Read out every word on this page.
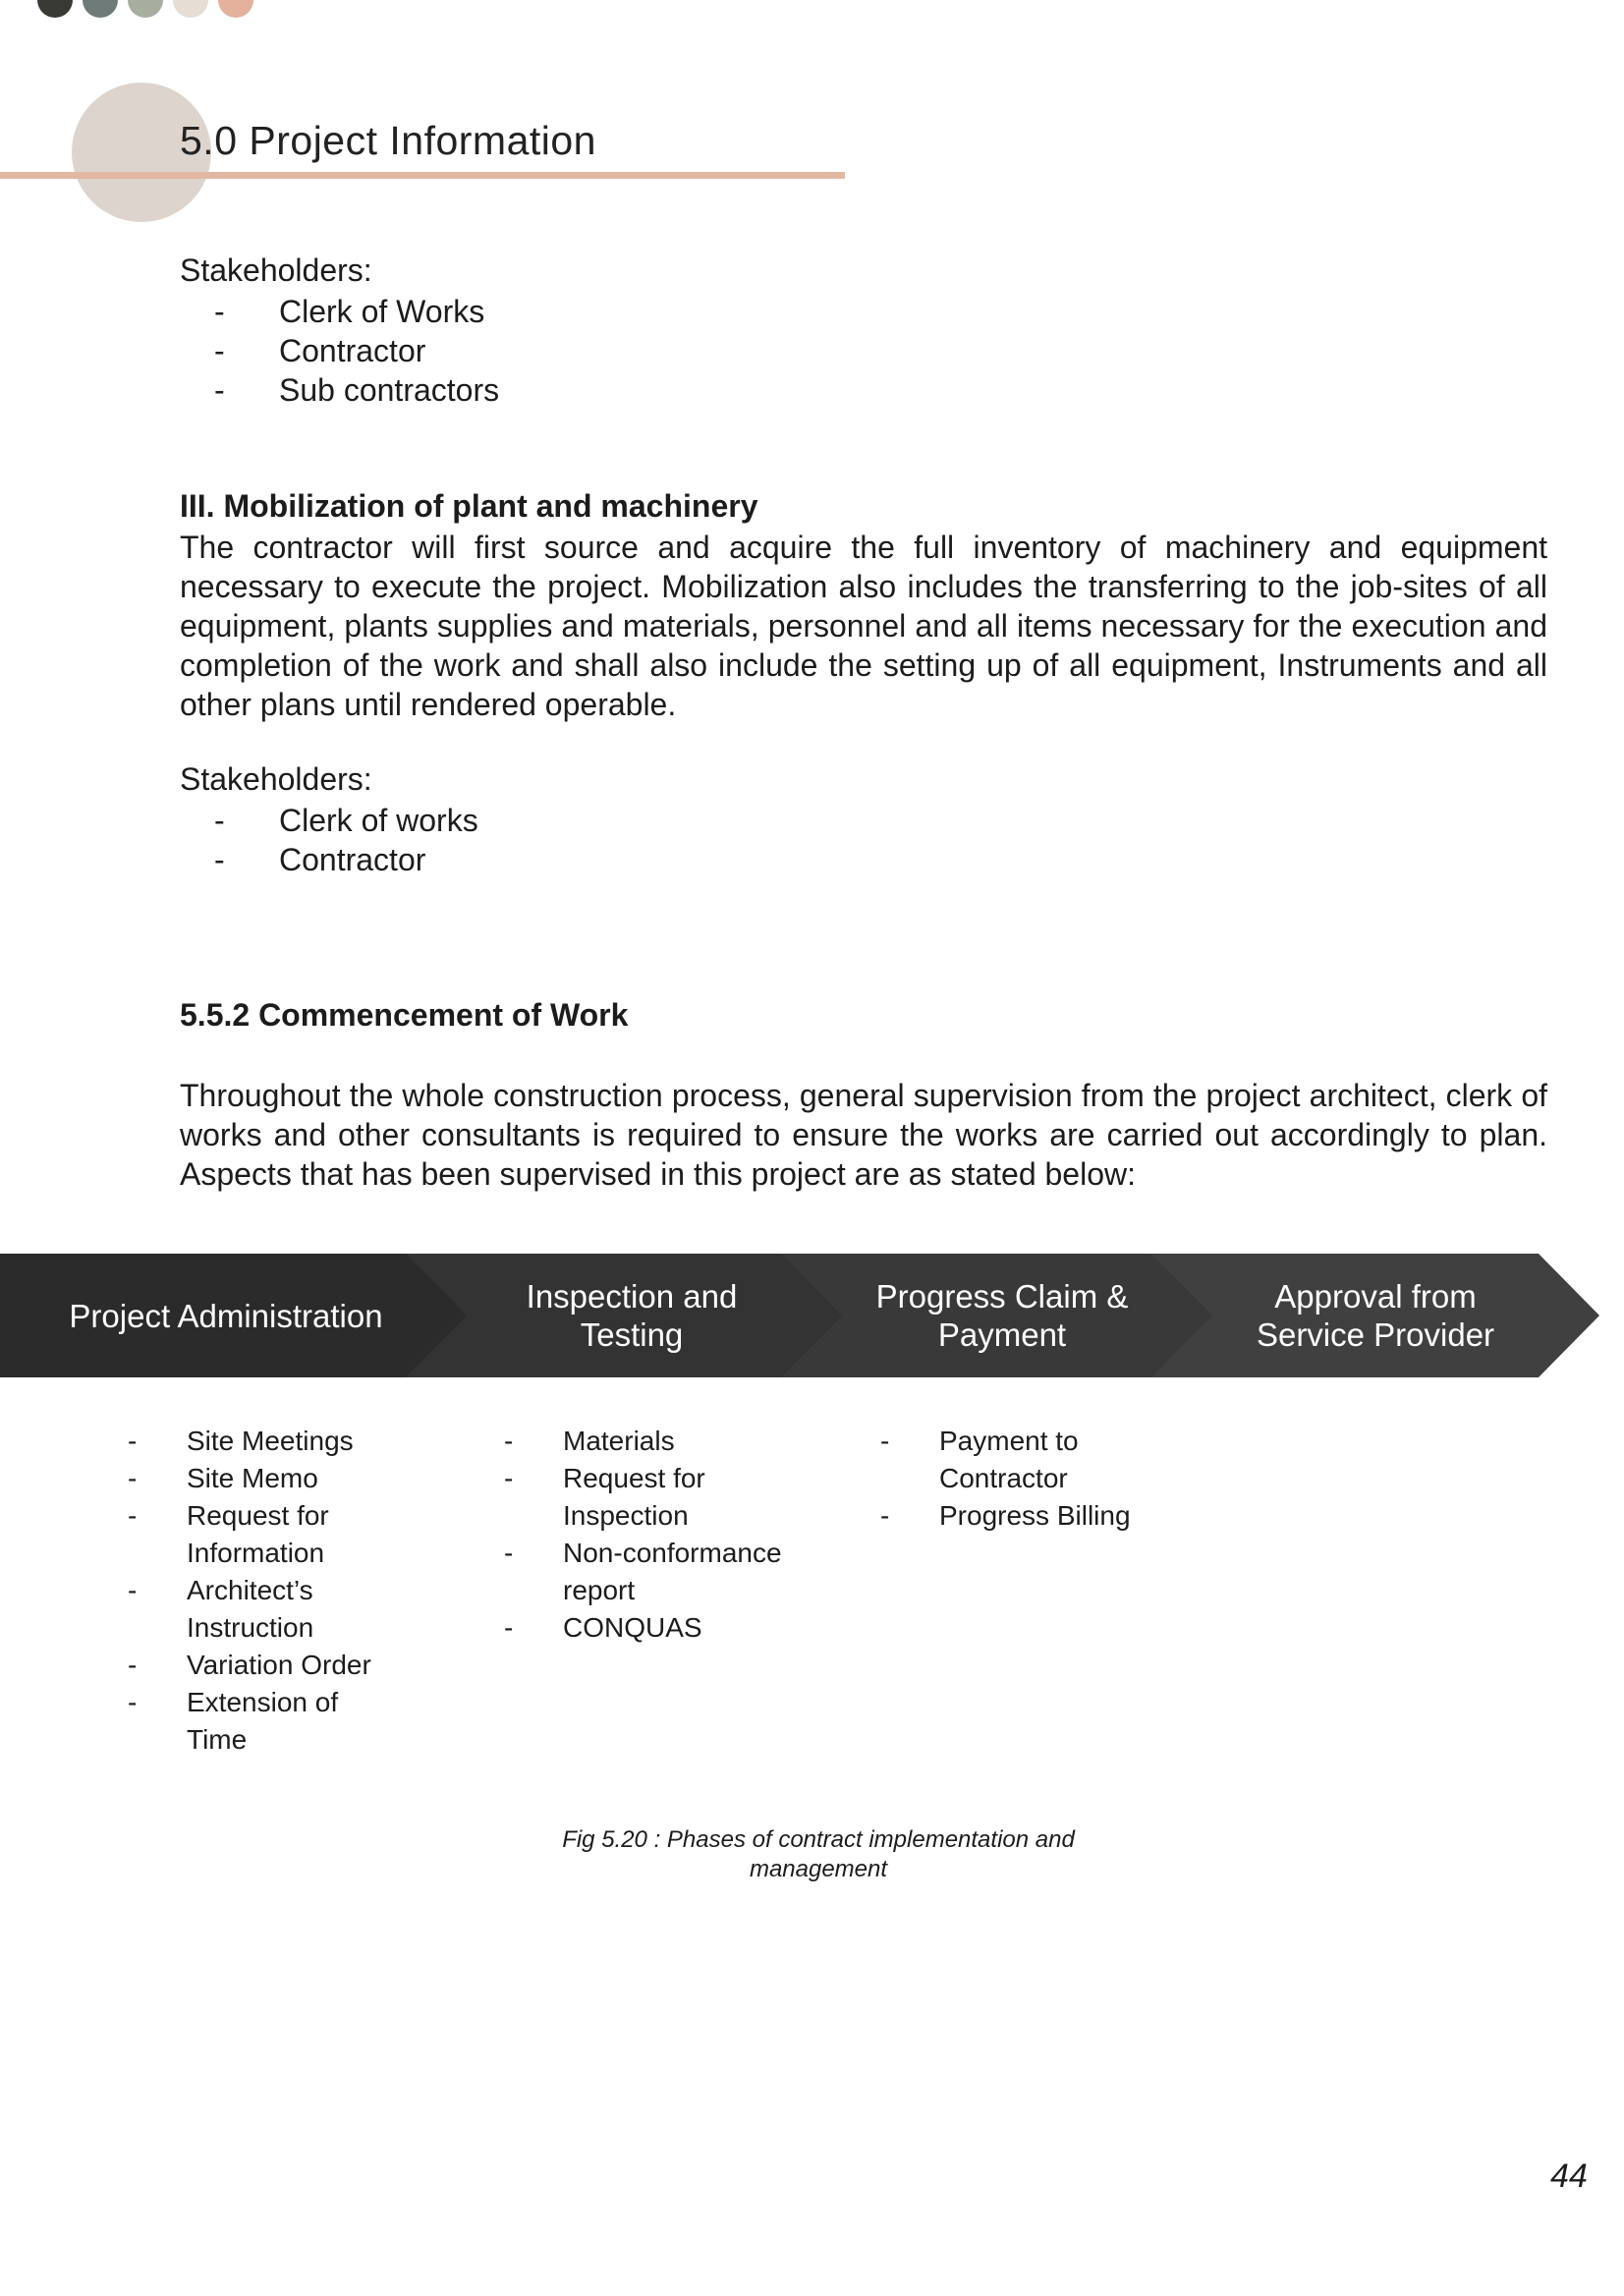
5.0 Project Information
Stakeholders:
- Clerk of Works
- Contractor
- Sub contractors
III. Mobilization of plant and machinery

The contractor will first source and acquire the full inventory of machinery and equipment necessary to execute the project. Mobilization also includes the transferring to the job-sites of all equipment, plants supplies and materials, personnel and all items necessary for the execution and completion of the work and shall also include the setting up of all equipment, Instruments and all other plans until rendered operable.

Stakeholders:
- Clerk of works
- Contractor
5.5.2 Commencement of Work

Throughout the whole construction process, general supervision from the project architect, clerk of works and other consultants is required to ensure the works are carried out accordingly to plan. Aspects that has been supervised in this project are as stated below:

Project Administration
Inspection and Testing
Progress Claim & Payment
Approval from Service Provider
- Site Meetings
- Site Memo
- Request for Information
- Architect’s Instruction
- Variation Order
- Extension of Time
- Materials
- Request for Inspection
- Non-conformance report
- CONQUAS
- Payment to Contractor
- Progress Billing
Fig 5.20 : Phases of contract implementation and management
44
